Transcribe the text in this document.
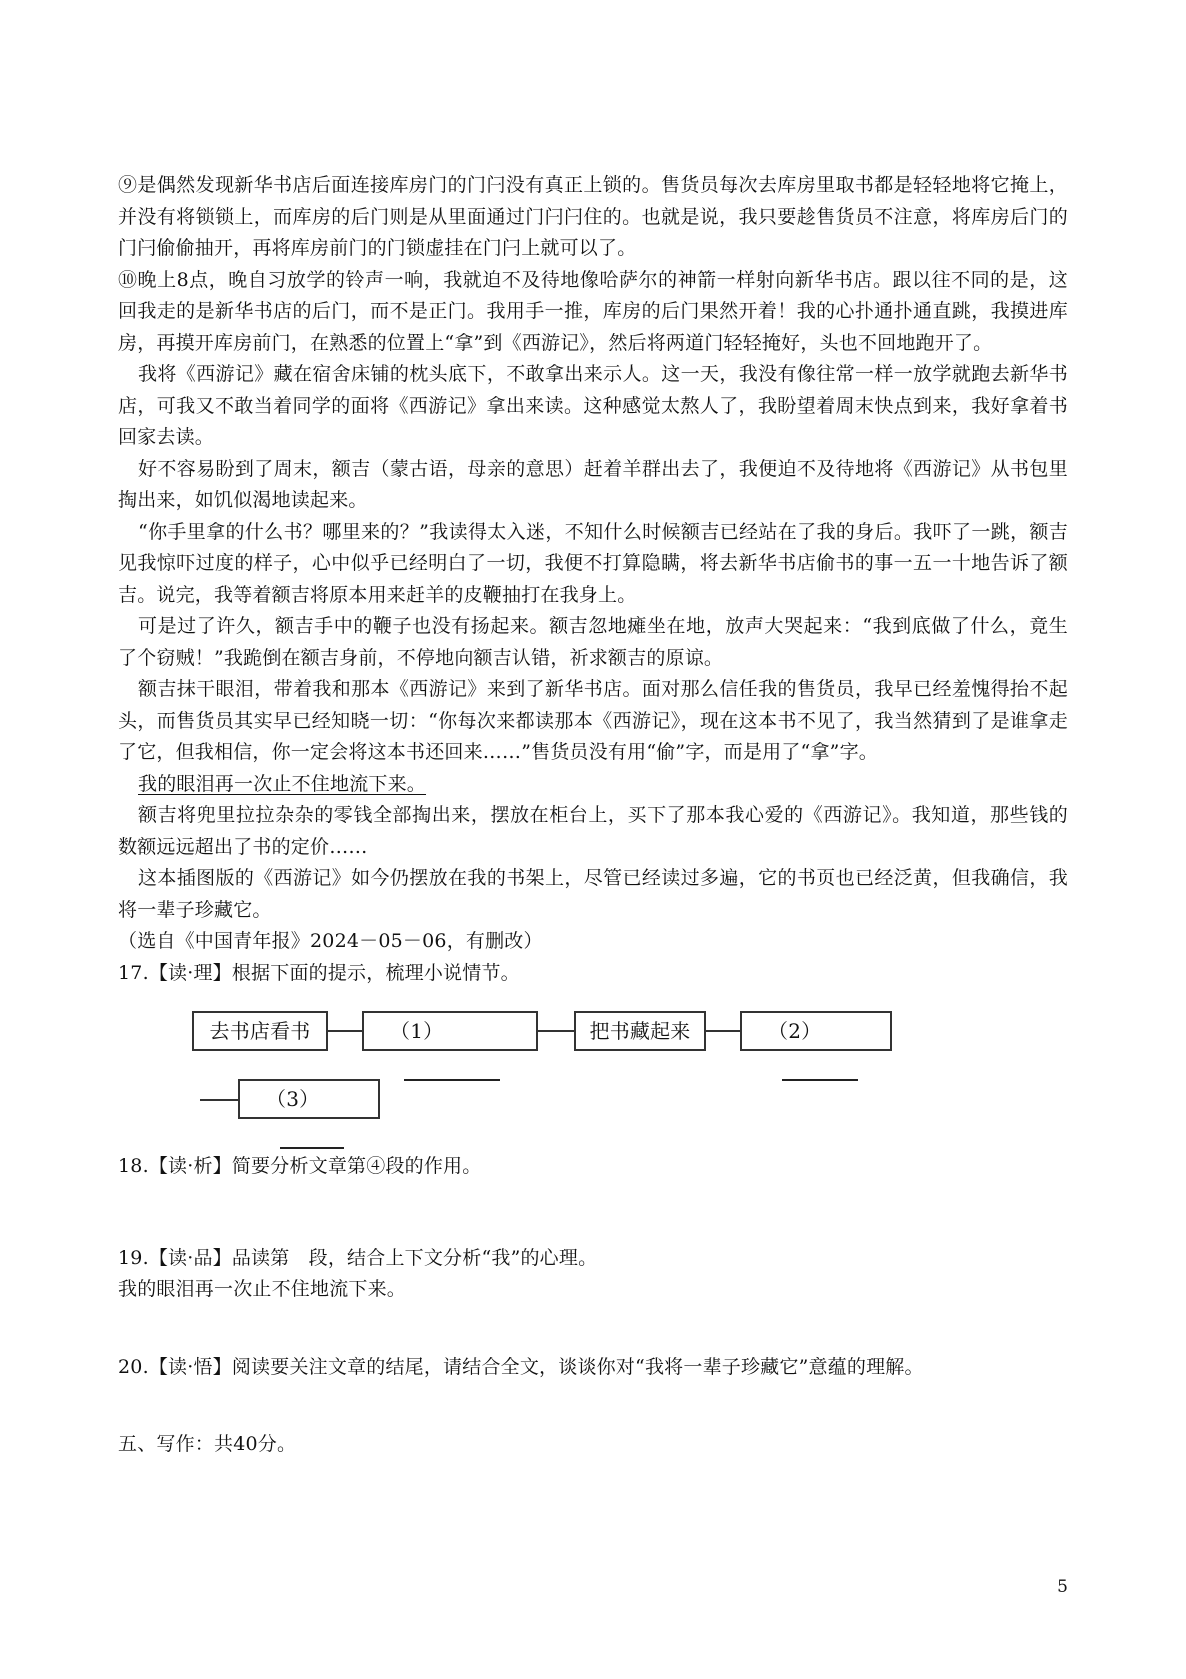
⑨是偶然发现新华书店后面连接库房门的门闩没有真正上锁的。售货员每次去库房里取书都是轻轻地将它掩上，并没有将锁锁上，而库房的后门则是从里面通过门闩闩住的。也就是说，我只要趁售货员不注意，将库房后门的门闩偷偷抽开，再将库房前门的门锁虚挂在门闩上就可以了。

⑩晚上8点，晚自习放学的铃声一响，我就迫不及待地像哈萨尔的神箭一样射向新华书店。跟以往不同的是，这回我走的是新华书店的后门，而不是正门。我用手一推，库房的后门果然开着！我的心扑通扑通直跳，我摸进库房，再摸开库房前门，在熟悉的位置上“拿”到《西游记》，然后将两道门轻轻掩好，头也不回地跑开了。

我将《西游记》藏在宿舍床铺的枕头底下，不敢拿出来示人。这一天，我没有像往常一样一放学就跑去新华书店，可我又不敢当着同学的面将《西游记》拿出来读。这种感觉太熬人了，我盼望着周末快点到来，我好拿着书回家去读。

好不容易盼到了周末，额吉（蒙古语，母亲的意思）赶着羊群出去了，我便迫不及待地将《西游记》从书包里掏出来，如饥似渴地读起来。

“你手里拿的什么书？哪里来的？”我读得太入迷，不知什么时候额吉已经站在了我的身后。我吓了一跳，额吉见我惊吓过度的样子，心中似乎已经明白了一切，我便不打算隐瞒，将去新华书店偷书的事一五一十地告诉了额吉。说完，我等着额吉将原本用来赶羊的皮鞭抽打在我身上。

可是过了许久，额吉手中的鞭子也没有扬起来。额吉忽地瘫坐在地，放声大哭起来：“我到底做了什么，竟生了个窃贼！”我跪倒在额吉身前，不停地向额吉认错，祈求额吉的原谅。

额吉抹干眼泪，带着我和那本《西游记》来到了新华书店。面对那么信任我的售货员，我早已经羞愧得抬不起头，而售货员其实早已经知晓一切：“你每次来都读那本《西游记》，现在这本书不见了，我当然猜到了是谁拿走了它，但我相信，你一定会将这本书还回来……”售货员没有用“偷”字，而是用了“拿”字。

我的眼泪再一次止不住地流下来。

额吉将兜里拉拉杂杂的零钱全部掏出来，摆放在柜台上，买下了那本我心爱的《西游记》。我知道，那些钱的数额远远超出了书的定价……

这本插图版的《西游记》如今仍摆放在我的书架上，尽管已经读过多遍，它的书页也已经泛黄，但我确信，我将一辈子珍藏它。

（选自《中国青年报》2024－05－06，有删改）

17.【读·理】根据下面的提示，梳理小说情节。

去书店看书	（1）	把书藏起来	（2）
（3）

18.【读·析】简要分析文章第④段的作用。

19.【读·品】品读第　段，结合上下文分析“我”的心理。

我的眼泪再一次止不住地流下来。

20.【读·悟】阅读要关注文章的结尾，请结合全文，谈谈你对“我将一辈子珍藏它”意蕴的理解。

五、写作：共40分。

5
